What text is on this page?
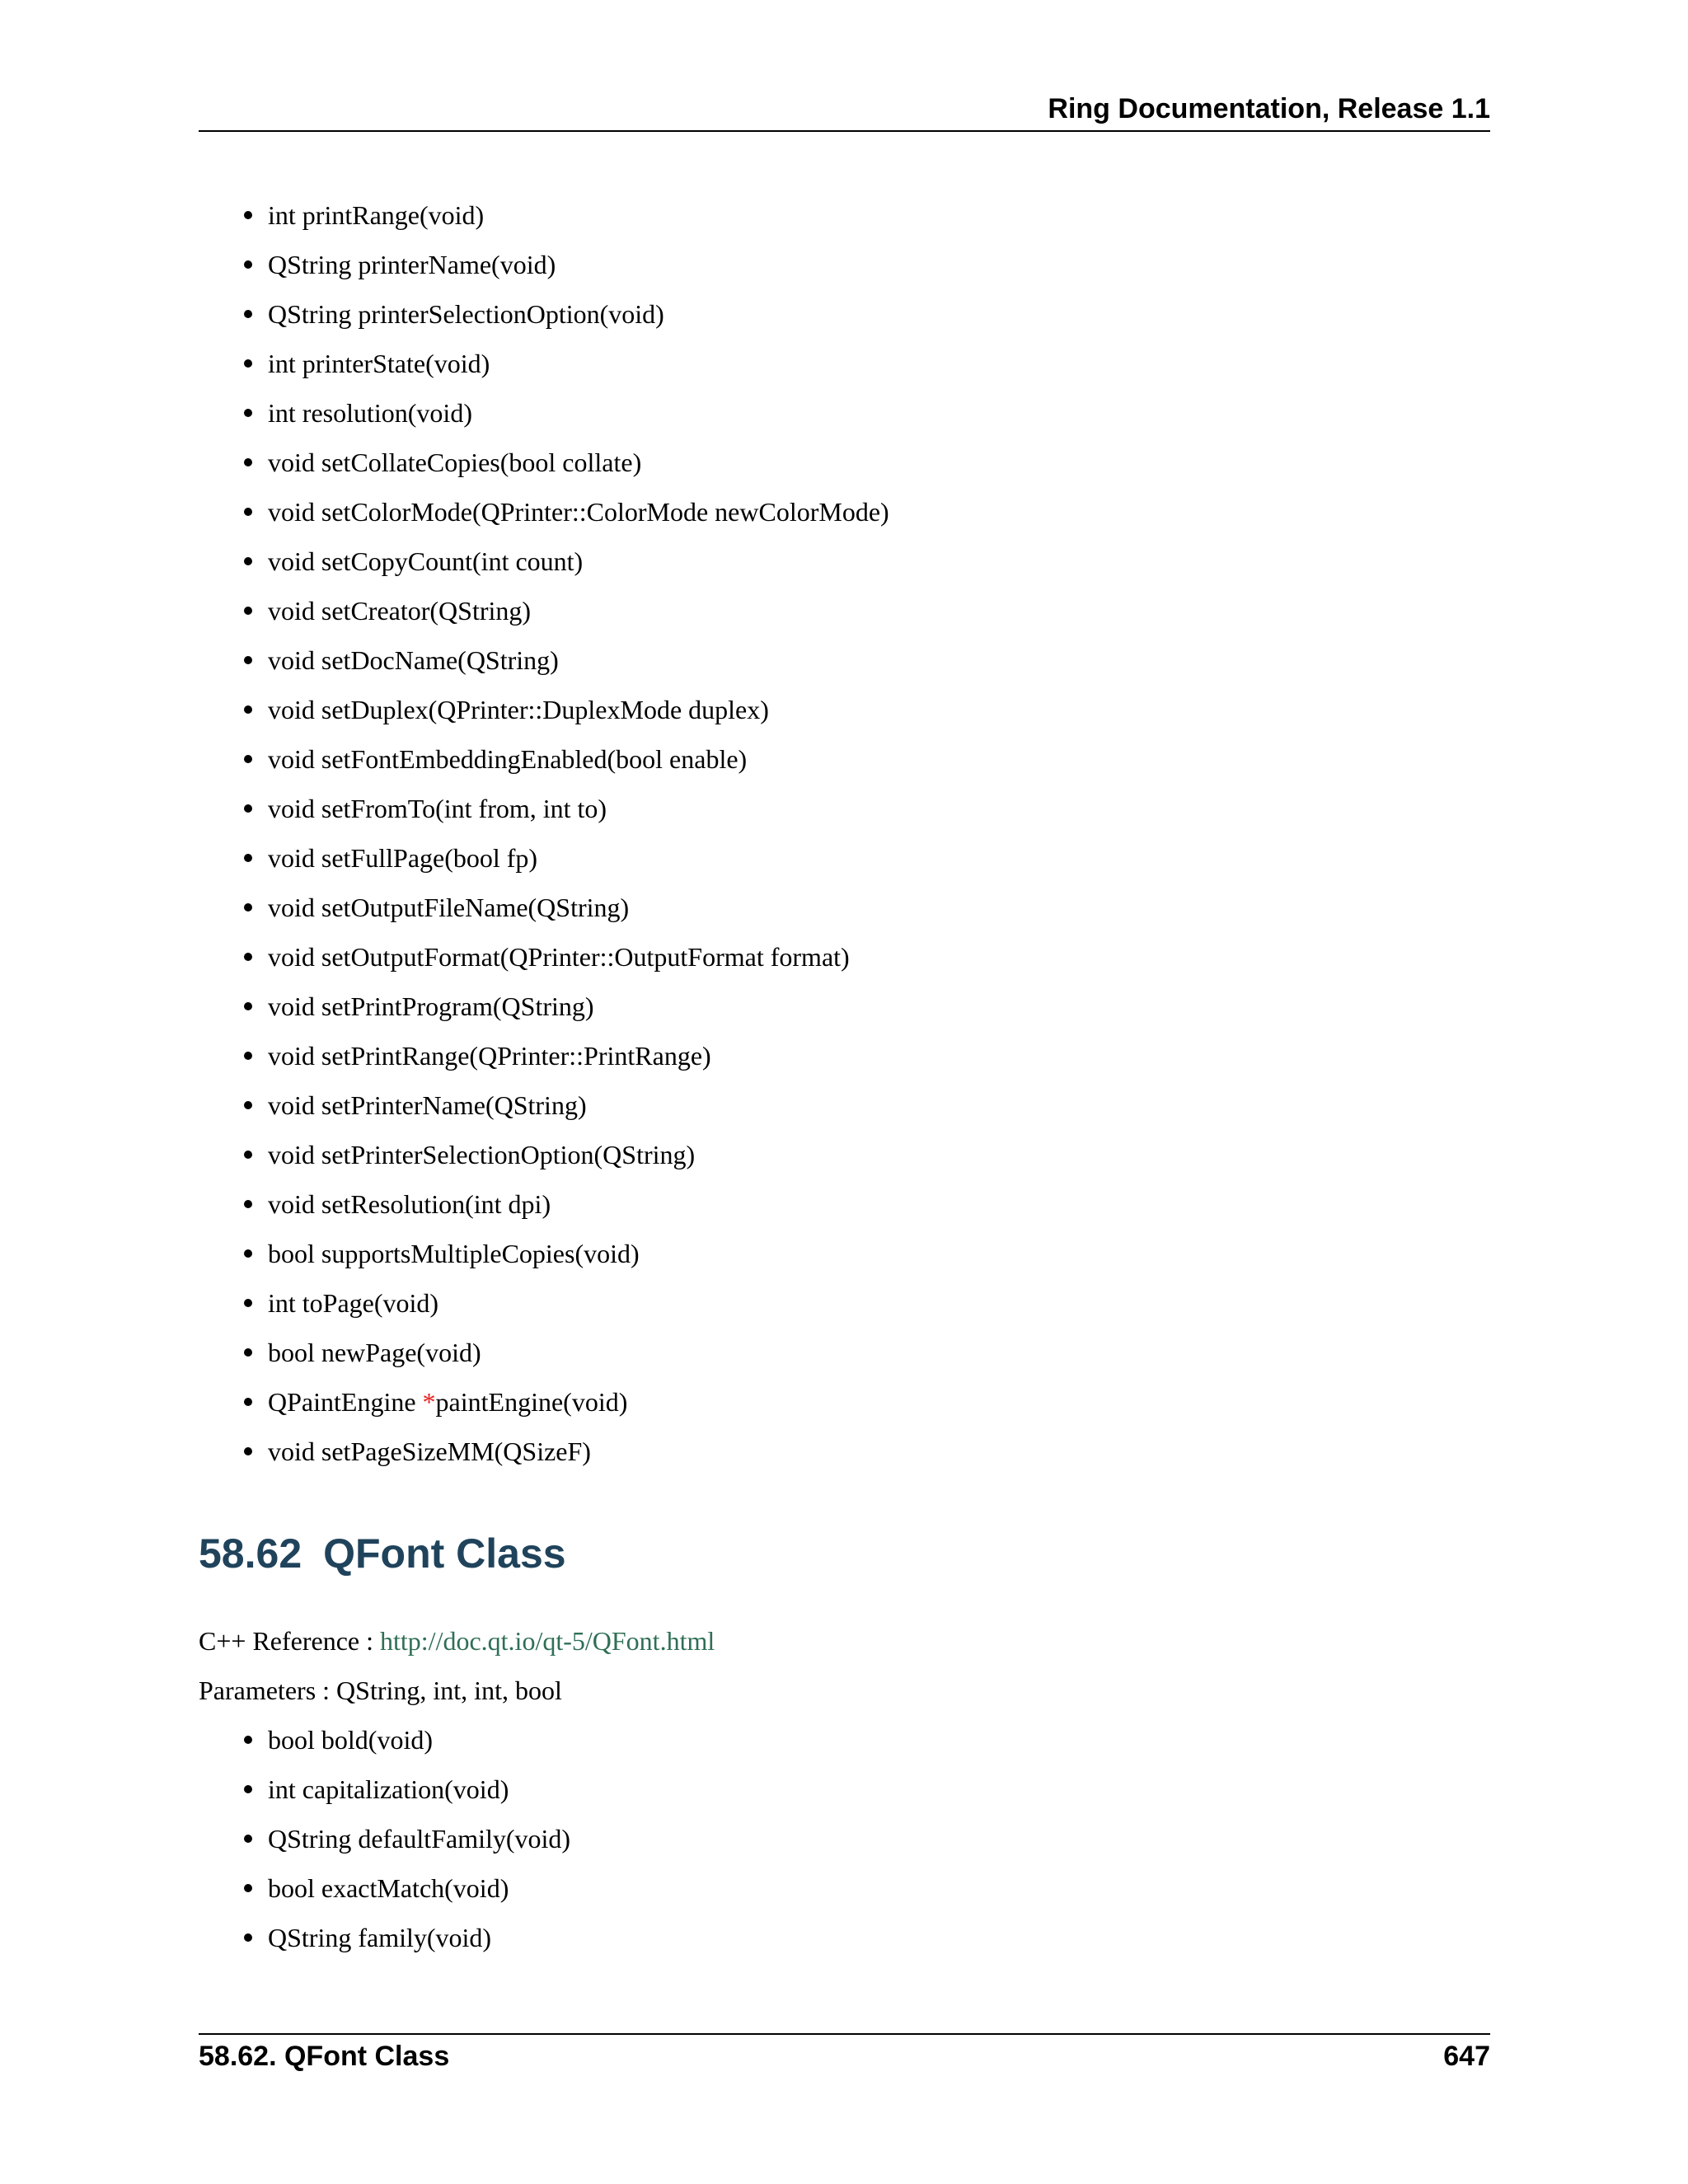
Ring Documentation, Release 1.1
int printRange(void)
QString printerName(void)
QString printerSelectionOption(void)
int printerState(void)
int resolution(void)
void setCollateCopies(bool collate)
void setColorMode(QPrinter::ColorMode newColorMode)
void setCopyCount(int count)
void setCreator(QString)
void setDocName(QString)
void setDuplex(QPrinter::DuplexMode duplex)
void setFontEmbeddingEnabled(bool enable)
void setFromTo(int from, int to)
void setFullPage(bool fp)
void setOutputFileName(QString)
void setOutputFormat(QPrinter::OutputFormat format)
void setPrintProgram(QString)
void setPrintRange(QPrinter::PrintRange)
void setPrinterName(QString)
void setPrinterSelectionOption(QString)
void setResolution(int dpi)
bool supportsMultipleCopies(void)
int toPage(void)
bool newPage(void)
QPaintEngine *paintEngine(void)
void setPageSizeMM(QSizeF)
58.62 QFont Class
C++ Reference : http://doc.qt.io/qt-5/QFont.html
Parameters : QString, int, int, bool
bool bold(void)
int capitalization(void)
QString defaultFamily(void)
bool exactMatch(void)
QString family(void)
58.62. QFont Class	647
